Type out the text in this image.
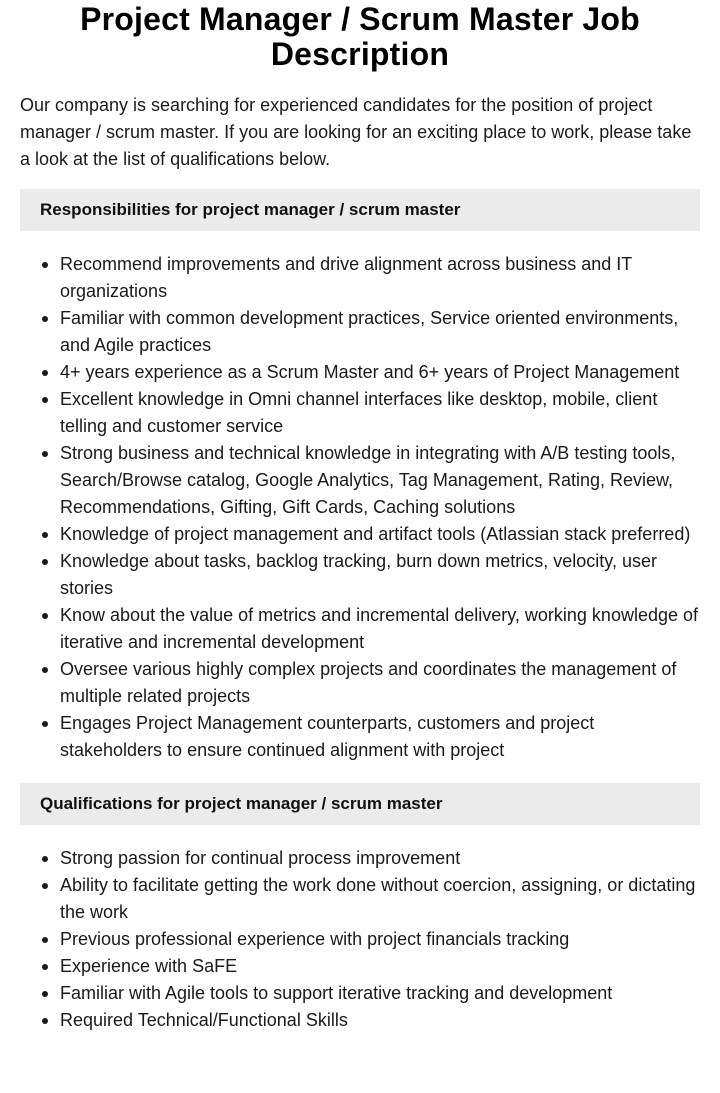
Project Manager / Scrum Master Job Description

Our company is searching for experienced candidates for the position of project manager / scrum master. If you are looking for an exciting place to work, please take a look at the list of qualifications below.

Responsibilities for project manager / scrum master
Recommend improvements and drive alignment across business and IT organizations
Familiar with common development practices, Service oriented environments, and Agile practices
4+ years experience as a Scrum Master and 6+ years of Project Management
Excellent knowledge in Omni channel interfaces like desktop, mobile, client telling and customer service
Strong business and technical knowledge in integrating with A/B testing tools, Search/Browse catalog, Google Analytics, Tag Management, Rating, Review, Recommendations, Gifting, Gift Cards, Caching solutions
Knowledge of project management and artifact tools (Atlassian stack preferred)
Knowledge about tasks, backlog tracking, burn down metrics, velocity, user stories
Know about the value of metrics and incremental delivery, working knowledge of iterative and incremental development
Oversee various highly complex projects and coordinates the management of multiple related projects
Engages Project Management counterparts, customers and project stakeholders to ensure continued alignment with project
Qualifications for project manager / scrum master
Strong passion for continual process improvement
Ability to facilitate getting the work done without coercion, assigning, or dictating the work
Previous professional experience with project financials tracking
Experience with SaFE
Familiar with Agile tools to support iterative tracking and development
Required Technical/Functional Skills
